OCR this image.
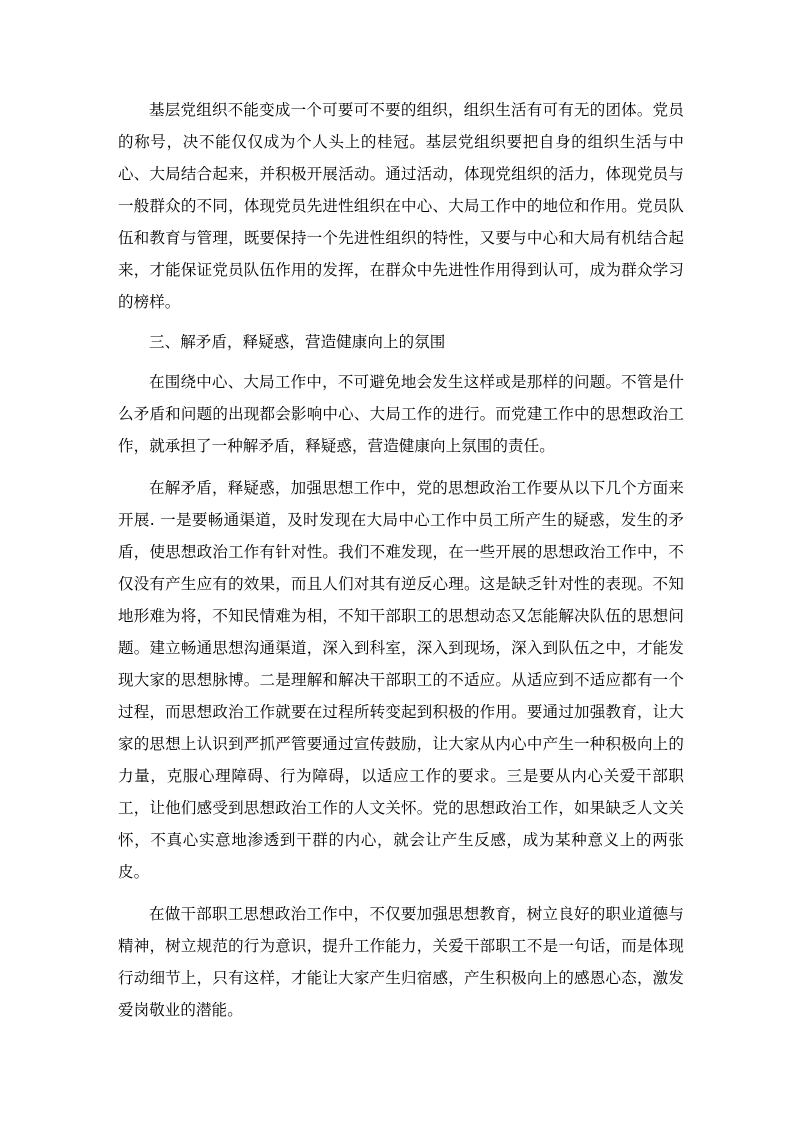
基层党组织不能变成一个可要可不要的组织，组织生活有可有无的团体。党员的称号，决不能仅仅成为个人头上的桂冠。基层党组织要把自身的组织生活与中心、大局结合起来，并积极开展活动。通过活动，体现党组织的活力，体现党员与一般群众的不同，体现党员先进性组织在中心、大局工作中的地位和作用。党员队伍和教育与管理，既要保持一个先进性组织的特性，又要与中心和大局有机结合起来，才能保证党员队伍作用的发挥，在群众中先进性作用得到认可，成为群众学习的榜样。

三、解矛盾，释疑惑，营造健康向上的氛围

在围绕中心、大局工作中，不可避免地会发生这样或是那样的问题。不管是什么矛盾和问题的出现都会影响中心、大局工作的进行。而党建工作中的思想政治工作，就承担了一种解矛盾，释疑惑，营造健康向上氛围的责任。

在解矛盾，释疑惑，加强思想工作中，党的思想政治工作要从以下几个方面来开展. 一是要畅通渠道，及时发现在大局中心工作中员工所产生的疑惑，发生的矛盾，使思想政治工作有针对性。我们不难发现，在一些开展的思想政治工作中，不仅没有产生应有的效果，而且人们对其有逆反心理。这是缺乏针对性的表现。不知地形难为将，不知民情难为相，不知干部职工的思想动态又怎能解决队伍的思想问题。建立畅通思想沟通渠道，深入到科室，深入到现场，深入到队伍之中，才能发现大家的思想脉博。二是理解和解决干部职工的不适应。从适应到不适应都有一个过程，而思想政治工作就要在过程所转变起到积极的作用。要通过加强教育，让大家的思想上认识到严抓严管要通过宣传鼓励，让大家从内心中产生一种积极向上的力量，克服心理障碍、行为障碍，以适应工作的要求。三是要从内心关爱干部职工，让他们感受到思想政治工作的人文关怀。党的思想政治工作，如果缺乏人文关怀，不真心实意地渗透到干群的内心，就会让产生反感，成为某种意义上的两张皮。

在做干部职工思想政治工作中，不仅要加强思想教育，树立良好的职业道德与精神，树立规范的行为意识，提升工作能力，关爱干部职工不是一句话，而是体现行动细节上，只有这样，才能让大家产生归宿感，产生积极向上的感恩心态，激发爱岗敬业的潜能。
